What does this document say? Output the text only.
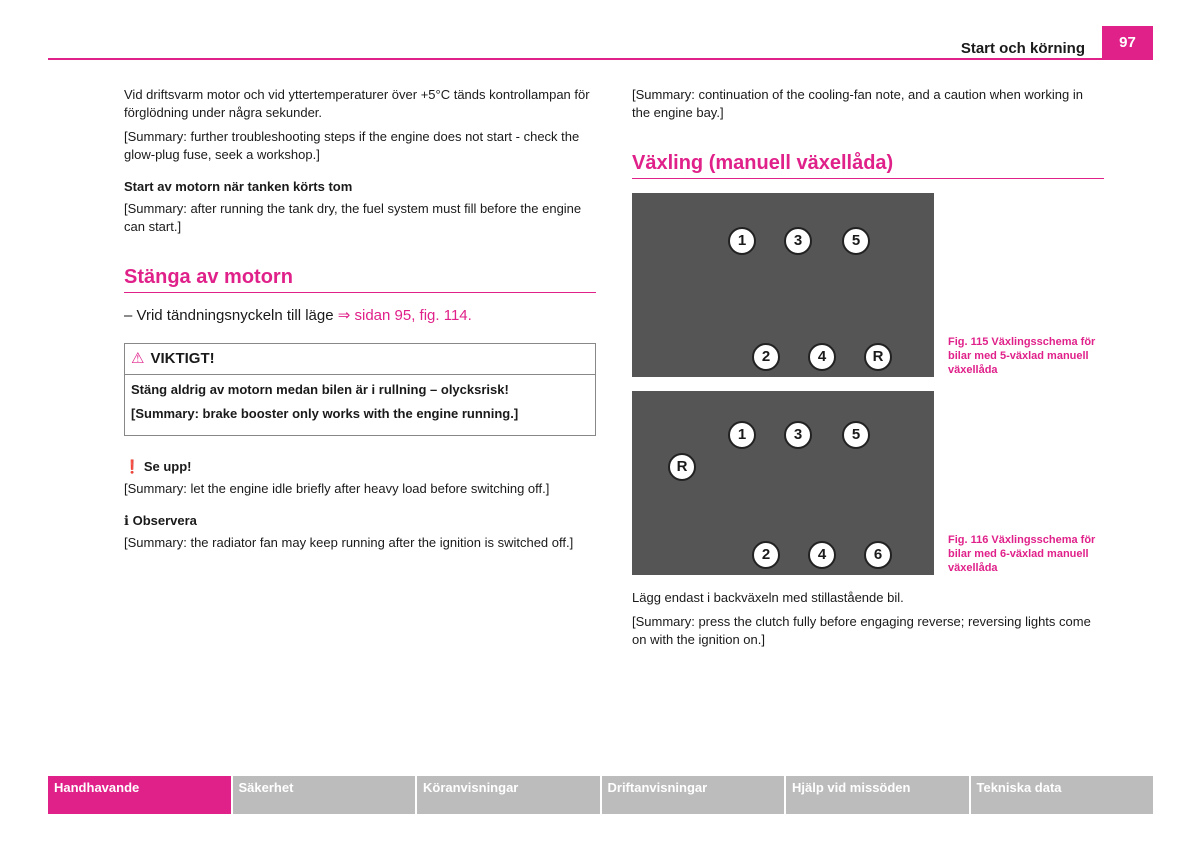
Start och körning	97

Vid driftsvarm motor och vid yttertemperaturer över +5°C tänds kontrollampan för förglödning under några sekunder.

[Summary: further troubleshooting steps if the engine does not start - check the glow-plug fuse, seek a workshop.]

Start av motorn när tanken körts tom

[Summary: after running the tank dry, the fuel system must fill before the engine can start.]

Stänga av motorn
– Vrid tändningsnyckeln till läge ⇒ sidan 95, fig. 114.
⚠ VIKTIGT!

Stäng aldrig av motorn medan bilen är i rullning – olycksrisk!

[Summary: brake booster only works with the engine running.]

❗ Se upp!

[Summary: let the engine idle briefly after heavy load before switching off.]

ℹ Observera

[Summary: the radiator fan may keep running after the ignition is switched off.]

[Summary: continuation of the cooling-fan note, and a caution when working in the engine bay.]

Växling (manuell växellåda)
1	3	5
2	4	R
Fig. 115 Växlingsschema för bilar med 5-växlad manuell växellåda
1	3	5
R
2	4	6
Fig. 116 Växlingsschema för bilar med 6-växlad manuell växellåda

Lägg endast i backväxeln med stillastående bil.

[Summary: press the clutch fully before engaging reverse; reversing lights come on with the ignition on.]

Handhavande	Säkerhet	Köranvisningar	Driftanvisningar	Hjälp vid missöden	Tekniska data
